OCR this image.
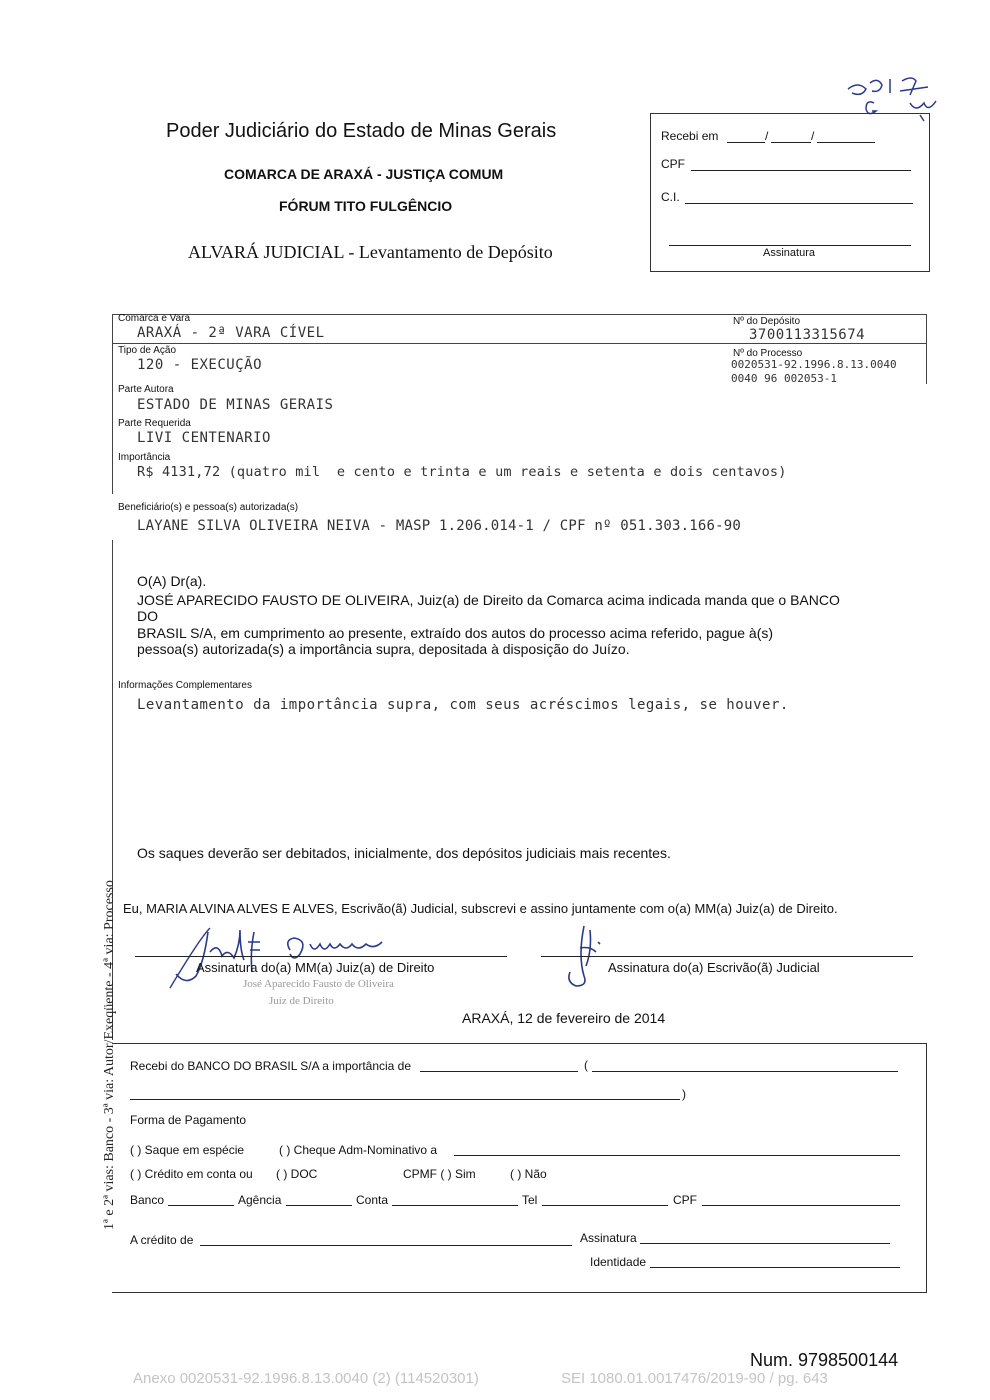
Poder Judiciário do Estado de Minas Gerais
COMARCA DE ARAXÁ - JUSTIÇA COMUM
FÓRUM TITO FULGÊNCIO
ALVARÁ JUDICIAL - Levantamento de Depósito
Recebi em	/	/
CPF
C.I.
Assinatura
Comarca e Vara
ARAXÁ - 2ª VARA CÍVEL
Nº do Depósito
3700113315674
Tipo de Ação
120 - EXECUÇÃO
Nº do Processo
0020531-92.1996.8.13.0040
0040 96 002053-1
Parte Autora
ESTADO DE MINAS GERAIS
Parte Requerida
LIVI CENTENARIO
Importância
R$ 4131,72 (quatro mil  e cento e trinta e um reais e setenta e dois centavos)
Beneficiário(s) e pessoa(s) autorizada(s)
LAYANE SILVA OLIVEIRA NEIVA - MASP 1.206.014-1 / CPF nº 051.303.166-90
O(A) Dr(a).
JOSÉ APARECIDO FAUSTO DE OLIVEIRA, Juiz(a) de Direito da Comarca acima indicada manda que o BANCO
DO
BRASIL S/A, em cumprimento ao presente, extraído dos autos do processo acima referido, pague à(s)
pessoa(s) autorizada(s) a importância supra, depositada à disposição do Juízo.
Informações Complementares
Levantamento da importância supra, com seus acréscimos legais, se houver.
Os saques deverão ser debitados, inicialmente, dos depósitos judiciais mais recentes.
Eu, MARIA ALVINA ALVES E ALVES, Escrivão(ã) Judicial, subscrevi e assino juntamente com o(a) MM(a) Juiz(a) de Direito.
Assinatura do(a) MM(a) Juiz(a) de Direito
José Aparecido Fausto de Oliveira
Juiz de Direito
Assinatura do(a) Escrivão(ã) Judicial
ARAXÁ, 12 de fevereiro de 2014
1ª e 2ª vias: Banco - 3ª via: Autor/Exeqüente - 4ª via: Processo Recebi do BANCO DO BRASIL S/A a importância de	(
)
Forma de Pagamento
( ) Saque em espécie	( ) Cheque Adm-Nominativo a
( ) Crédito em conta ou ( ) DOC	CPMF ( ) Sim	( ) Não
Banco	Agência	Conta	Tel	CPF
A crédito de	Assinatura
Identidade
Num. 9798500144
Anexo 0020531-92.1996.8.13.0040 (2) (114520301)	SEI 1080.01.0017476/2019-90 / pg. 643
